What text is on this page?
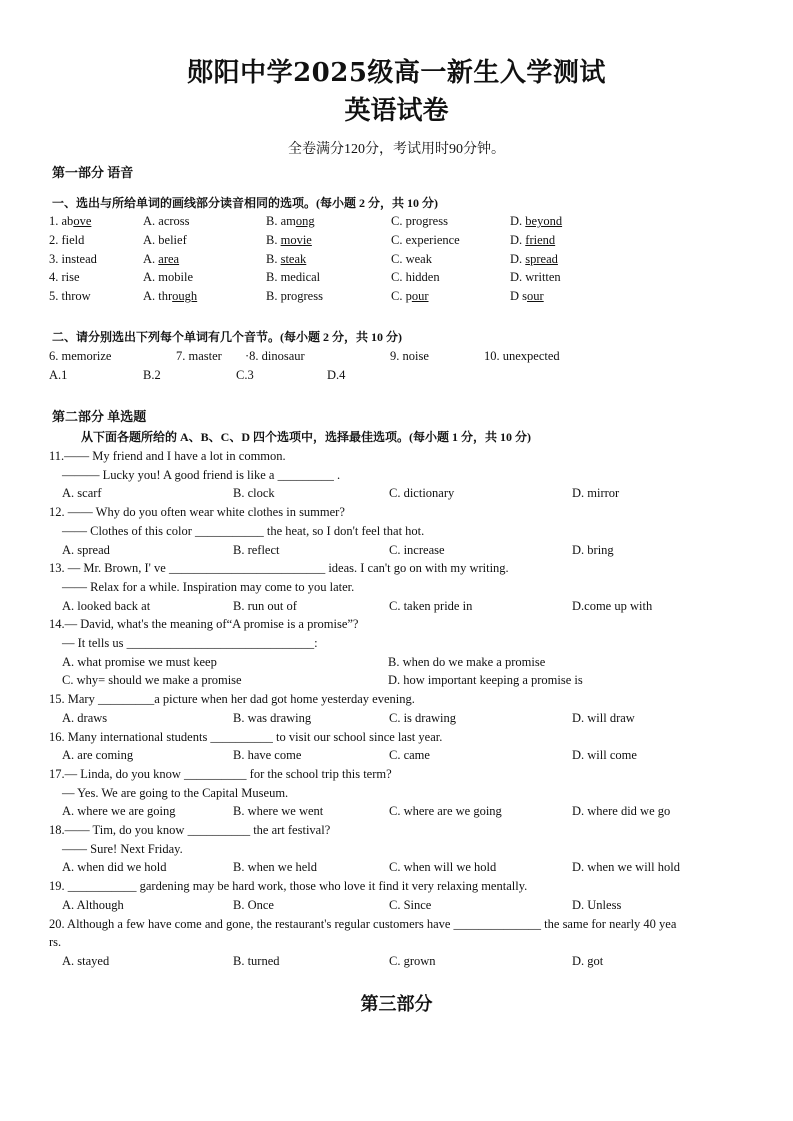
郧阳中学2025级高一新生入学测试
英语试卷
全卷满分120分，考试用时90分钟。
第一部分 语音
一、选出与所给单词的画线部分读音相同的选项。(每小题 2 分，共 10 分)
1. above	A. across	B. among	C. progress	D. beyond
2. field	A. belief	B. movie	C. experience	D. friend
3. instead	A. area	B. steak	C. weak	D. spread
4. rise	A. mobile	B. medical	C. hidden	D. written
5. throw	A. through	B. progress	C. pour	D sour
二、请分别选出下列每个单词有几个音节。(每小题 2 分，共 10 分)
6. memorize	7. master ·8. dinosaur	9. noise	10. unexpected
A.1	B.2	C.3	D.4
第二部分 单选题
从下面各题所给的 A、B、C、D 四个选项中，选择最佳选项。(每小题 1 分，共 10 分)
11.—— My friend and I have a lot in common.
——— Lucky you! A good friend is like a _________ .
A. scarf	B. clock	C. dictionary	D. mirror
12. —— Why do you often wear white clothes in summer?
—— Clothes of this color ___________ the heat, so I don't feel that hot.
A. spread	B. reflect	C. increase	D. bring
13. — Mr. Brown, I' ve _________________________ ideas. I can't go on with my writing.
—— Relax for a while. Inspiration may come to you later.
A. looked back at	B. run out of	C. taken pride in	D.come up with
14.— David, what's the meaning of“A promise is a promise”?
— It tells us ______________________________:
A. what promise we must keep	B. when do we make a promise
C. why= should we make a promise	D. how important keeping a promise is
15. Mary _________a picture when her dad got home yesterday evening.
A. draws	B. was drawing	C. is drawing	D. will draw
16. Many international students __________ to visit our school since last year.
A. are coming	B. have come	C. came	D. will come
17.— Linda, do you know __________ for the school trip this term?
— Yes. We are going to the Capital Museum.
A. where we are going	B. where we went	C. where are we going	D. where did we go
18.—— Tim, do you know __________ the art festival?
—— Sure! Next Friday.
A. when did we hold	B. when we held	C. when will we hold	D. when we will hold
19. ___________ gardening may be hard work, those who love it find it very relaxing mentally.
A. Although	B. Once	C. Since	D. Unless
20. Although a few have come and gone, the restaurant's regular customers have ______________ the same for nearly 40 yea
rs.
A. stayed	B. turned	C. grown	D. got
第三部分
